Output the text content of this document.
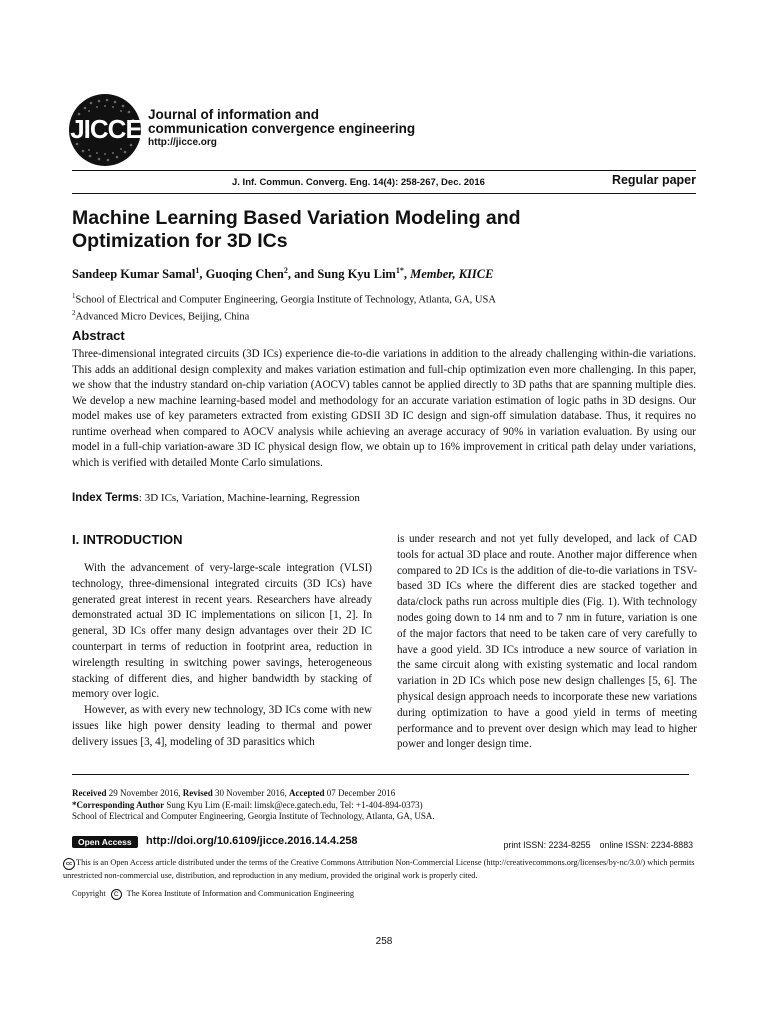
JICCE Journal of information and
communication convergence engineering
http://jicce.org
J. Inf. Commun. Converg. Eng. 14(4): 258-267, Dec. 2016	Regular paper
Machine Learning Based Variation Modeling and Optimization for 3D ICs
Sandeep Kumar Samal$^1$, Guoqing Chen$^2$, and Sung Kyu Lim$^{1*}$, Member, KIICE
$^1$School of Electrical and Computer Engineering, Georgia Institute of Technology, Atlanta, GA, USA
$^2$Advanced Micro Devices, Beijing, China
Abstract
Three-dimensional integrated circuits (3D ICs) experience die-to-die variations in addition to the already challenging within-die variations. This adds an additional design complexity and makes variation estimation and full-chip optimization even more challenging. In this paper, we show that the industry standard on-chip variation (AOCV) tables cannot be applied directly to 3D paths that are spanning multiple dies. We develop a new machine learning-based model and methodology for an accurate variation estimation of logic paths in 3D designs. Our model makes use of key parameters extracted from existing GDSII 3D IC design and sign-off simulation database. Thus, it requires no runtime overhead when compared to AOCV analysis while achieving an average accuracy of 90% in variation evaluation. By using our model in a full-chip variation-aware 3D IC physical design flow, we obtain up to 16% improvement in critical path delay under variations, which is verified with detailed Monte Carlo simulations.
Index Terms: 3D ICs, Variation, Machine-learning, Regression
I. INTRODUCTION

With the advancement of very-large-scale integration (VLSI) technology, three-dimensional integrated circuits (3D ICs) have generated great interest in recent years. Researchers have already demonstrated actual 3D IC implementations on silicon [1, 2]. In general, 3D ICs offer many design advantages over their 2D IC counterpart in terms of reduction in footprint area, reduction in wirelength resulting in switching power savings, heterogeneous stacking of different dies, and higher bandwidth by stacking of memory over logic.

However, as with every new technology, 3D ICs come with new issues like high power density leading to thermal and power delivery issues [3, 4], modeling of 3D parasitics which

is under research and not yet fully developed, and lack of CAD tools for actual 3D place and route. Another major difference when compared to 2D ICs is the addition of die-to-die variations in TSV-based 3D ICs where the different dies are stacked together and data/clock paths run across multiple dies (Fig. 1). With technology nodes going down to 14 nm and to 7 nm in future, variation is one of the major factors that need to be taken care of very carefully to have a good yield. 3D ICs introduce a new source of variation in the same circuit along with existing systematic and local random variation in 2D ICs which pose new design challenges [5, 6]. The physical design approach needs to incorporate these new variations during optimization to have a good yield in terms of meeting performance and to prevent over design which may lead to higher power and longer design time.

Received 29 November 2016, Revised 30 November 2016, Accepted 07 December 2016
*Corresponding Author Sung Kyu Lim (E-mail: limsk@ece.gatech.edu, Tel: +1-404-894-0373)
School of Electrical and Computer Engineering, Georgia Institute of Technology, Atlanta, GA, USA.
Open Access	http://doi.org/10.6109/jicce.2016.14.4.258	print ISSN: 2234-8255 online ISSN: 2234-8883
cc This is an Open Access article distributed under the terms of the Creative Commons Attribution Non-Commercial License (http://creativecommons.org/licenses/by-nc/3.0/) which permits unrestricted non-commercial use, distribution, and reproduction in any medium, provided the original work is properly cited.
Copyright C The Korea Institute of Information and Communication Engineering
258
